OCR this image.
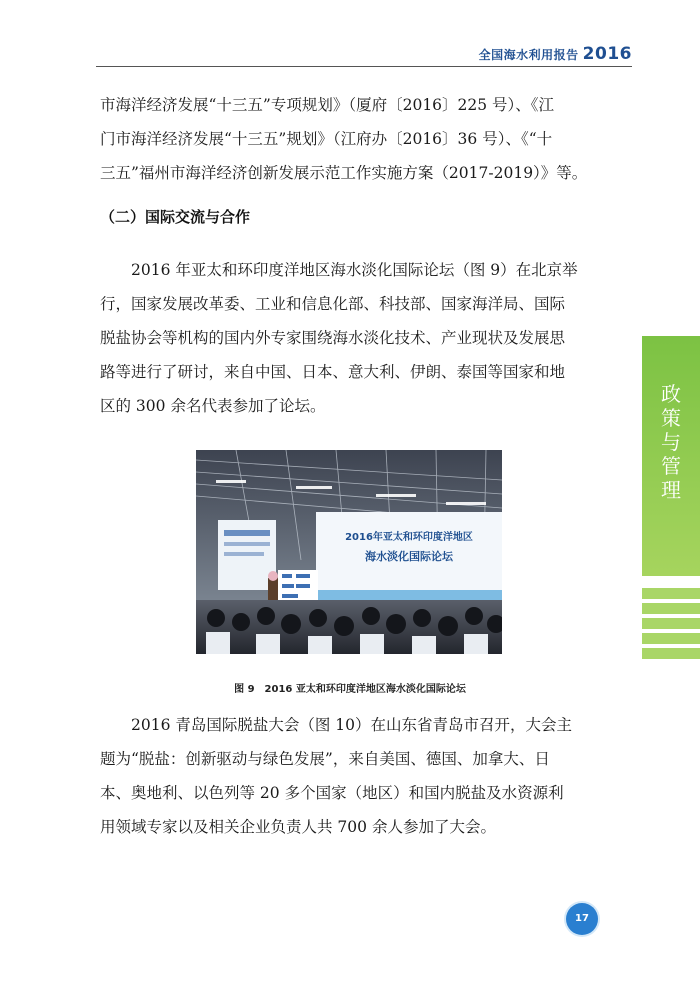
全国海水利用报告 2016

市海洋经济发展“十三五”专项规划》（厦府〔2016〕225 号）、《江
门市海洋经济发展“十三五”规划》（江府办〔2016〕36 号）、《“十
三五”福州市海洋经济创新发展示范工作实施方案（2017-2019）》等。

（二）国际交流与合作

2016 年亚太和环印度洋地区海水淡化国际论坛（图 9）在北京举
行，国家发展改革委、工业和信息化部、科技部、国家海洋局、国际
脱盐协会等机构的国内外专家围绕海水淡化技术、产业现状及发展思
路等进行了研讨，来自中国、日本、意大利、伊朗、泰国等国家和地
区的 300 余名代表参加了论坛。

2016年亚太和环印度洋地区
海水淡化国际论坛
图 9　2016 亚太和环印度洋地区海水淡化国际论坛

2016 青岛国际脱盐大会（图 10）在山东省青岛市召开，大会主
题为“脱盐：创新驱动与绿色发展”，来自美国、德国、加拿大、日
本、奥地利、以色列等 20 多个国家（地区）和国内脱盐及水资源利
用领域专家以及相关企业负责人共 700 余人参加了大会。

政
策
与
管
理
17
